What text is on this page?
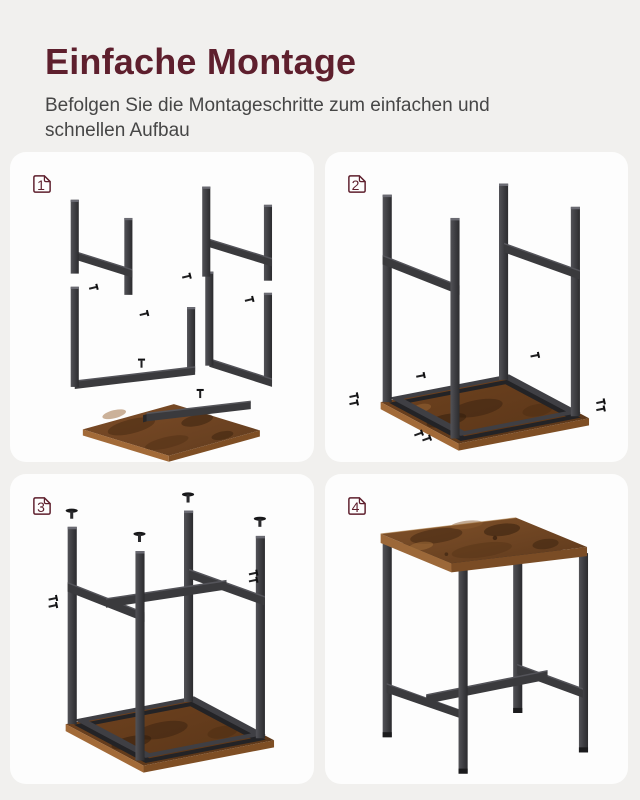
Einfache Montage
Befolgen Sie die Montageschritte zum einfachen und schnellen Aufbau
1	2
3	4
